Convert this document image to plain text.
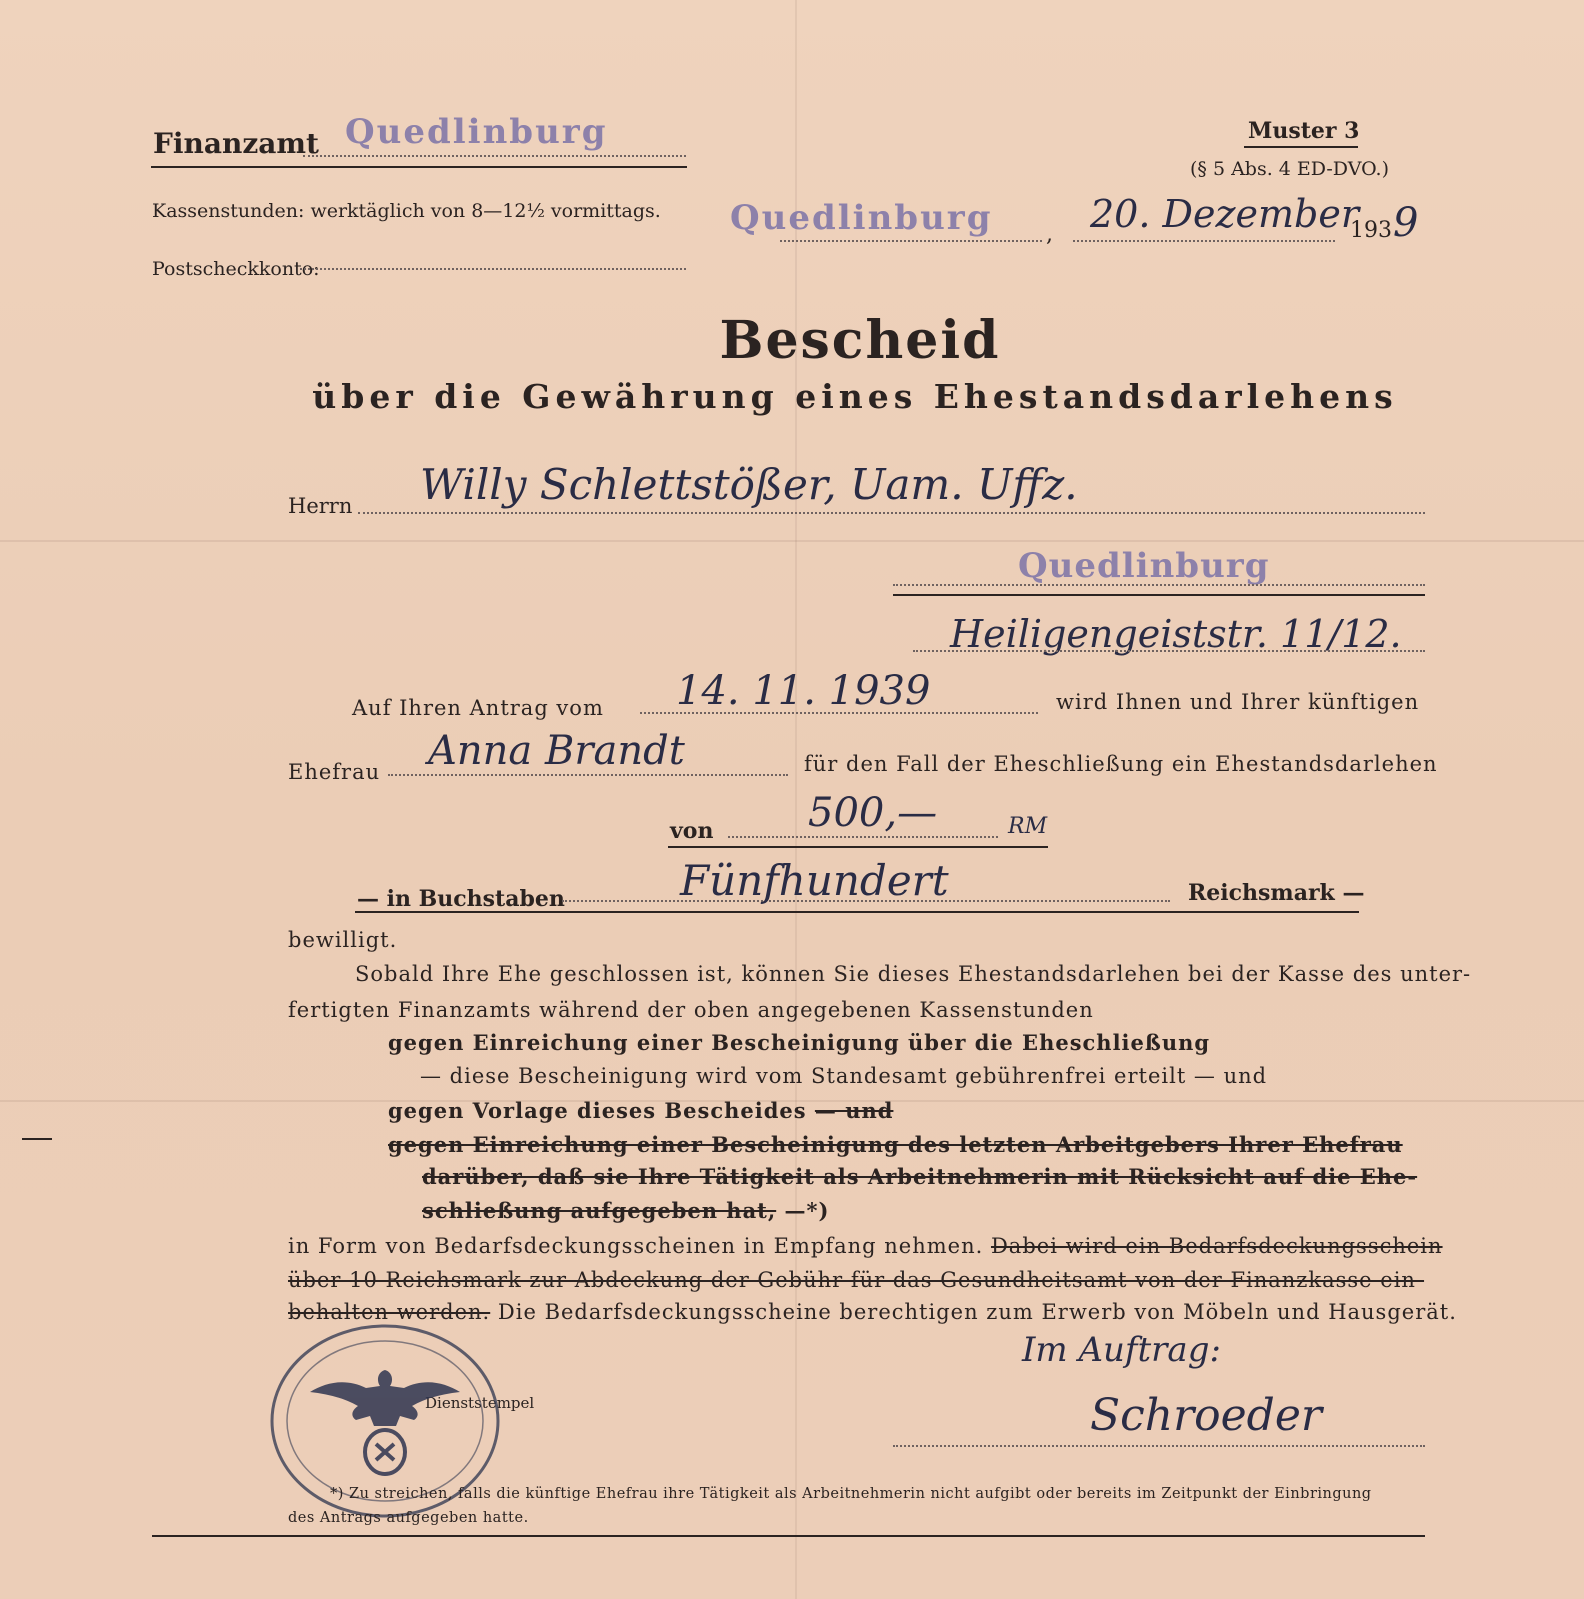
Finanzamt Quedlinburg	Muster 3
(§ 5 Abs. 4 ED-DVO.)
Kassenstunden: werktäglich von 8—12½ vormittags.
Postscheckkonto:
Quedlinburg , 20. Dezember
193 9
Bescheid
über die Gewährung eines Ehestandsdarlehens
Herrn Willy Schlettstößer, Uam. Uffz.
Quedlinburg
Heiligengeiststr. 11/12.
Auf Ihren Antrag vom 14. 11. 1939	wird Ihnen und Ihrer künftigen
Ehefrau Anna Brandt	für den Fall der Eheschließung ein Ehestandsdarlehen
von 500,—	RM
— in Buchstaben	Fünfhundert	Reichsmark —
bewilligt.
Sobald Ihre Ehe geschlossen ist, können Sie dieses Ehestandsdarlehen bei der Kasse des unter-
fertigten Finanzamts während der oben angegebenen Kassenstunden
gegen Einreichung einer Bescheinigung über die Eheschließung
— diese Bescheinigung wird vom Standesamt gebührenfrei erteilt — und
gegen Vorlage dieses Bescheides — und
gegen Einreichung einer Bescheinigung des letzten Arbeitgebers Ihrer Ehefrau
darüber, daß sie Ihre Tätigkeit als Arbeitnehmerin mit Rücksicht auf die Ehe-
schließung aufgegeben hat, —*)
in Form von Bedarfsdeckungsscheinen in Empfang nehmen. Dabei wird ein Bedarfsdeckungsschein
über 10 Reichsmark zur Abdeckung der Gebühr für das Gesundheitsamt von der Finanzkasse ein-
behalten werden. Die Bedarfsdeckungsscheine berechtigen zum Erwerb von Möbeln und Hausgerät.
Im Auftrag:
Schroeder
Dienststempel
*) Zu streichen, falls die künftige Ehefrau ihre Tätigkeit als Arbeitnehmerin nicht aufgibt oder bereits im Zeitpunkt der Einbringung
des Antrags aufgegeben hatte.
